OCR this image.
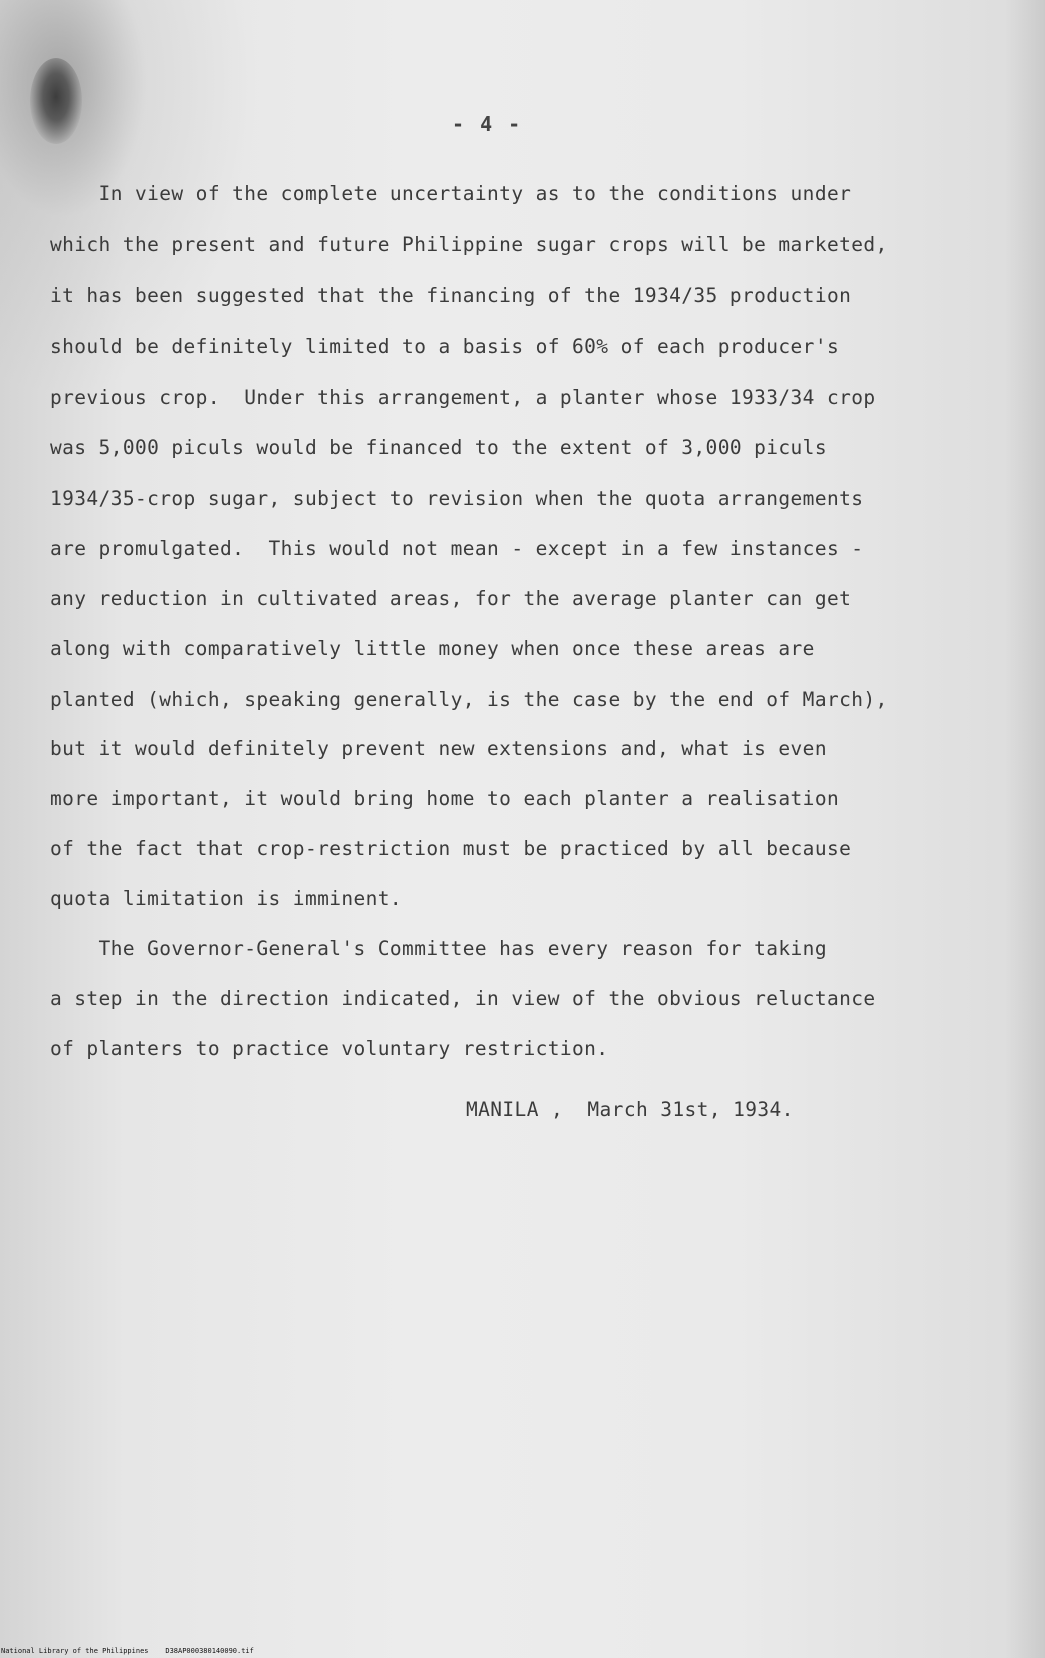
- 4 -
In view of the complete uncertainty as to the conditions under
which the present and future Philippine sugar crops will be marketed,
it has been suggested that the financing of the 1934/35 production
should be definitely limited to a basis of 60% of each producer's
previous crop.  Under this arrangement, a planter whose 1933/34 crop
was 5,000 piculs would be financed to the extent of 3,000 piculs
1934/35-crop sugar, subject to revision when the quota arrangements
are promulgated.  This would not mean - except in a few instances -
any reduction in cultivated areas, for the average planter can get
along with comparatively little money when once these areas are
planted (which, speaking generally, is the case by the end of March),
but it would definitely prevent new extensions and, what is even
more important, it would bring home to each planter a realisation
of the fact that crop-restriction must be practiced by all because
quota limitation is imminent.
The Governor-General's Committee has every reason for taking
a step in the direction indicated, in view of the obvious reluctance
of planters to practice voluntary restriction.
MANILA ,  March 31st, 1934.
National Library of the Philippines    D38AP000380140090.tif
